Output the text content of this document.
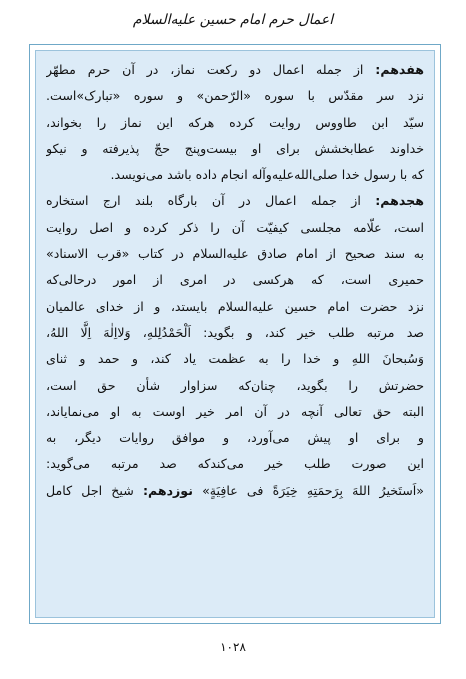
اعمال حرم امام حسین علیه‌السلام
هفدهم: از جمله اعمال دو رکعت نماز، در آن حرم مطهّر
نزد سر مقدّس با سوره «الرّحمن» و سوره «تبارک»است.
سیّد ابن طاووس روایت کرده هرکه این نماز را بخواند،
خداوند عطابخشش برای او بیست‌وپنج حجّ پذیرفته و نیکو
که با رسول خدا صلی‌الله‌علیه‌وآله انجام داده باشد می‌نویسد.
هجدهم: از جمله اعمال در آن بارگاه بلند ارج استخاره
است، علّامه مجلسی کیفیّت آن را ذکر کرده و اصل روایت
به سند صحیح از امام صادق علیه‌السلام در کتاب «قرب الاسناد»
حمیری است، که هرکسی در امری از امور درحالی‌که
نزد حضرت امام حسین علیه‌السلام بایستد، و از خدای عالمیان
صد مرتبه طلب خیر کند، و بگوید: اَلْحَمْدُلِلهِ، وَلااِلٰهَ اِلَّا اللهُ،
وَسُبحانَ اللهِ و خدا را به عظمت یاد کند، و حمد و ثنای
حضرتش را بگوید، چنان‌که سزاوار شأن حق است،
البته حق تعالی آنچه در آن امر خیر اوست به او می‌نمایاند،
و برای او پیش می‌آورد، و موافق روایات دیگر، به
این صورت طلب خیر می‌کندکه صد مرتبه می‌گوید:
«اَستَخیرُ اللهَ بِرَحمَتِهِ خِیَرَةً فی عافِیَةٍ» نوزدهم: شیخ اجل کامل
۱۰۲۸
